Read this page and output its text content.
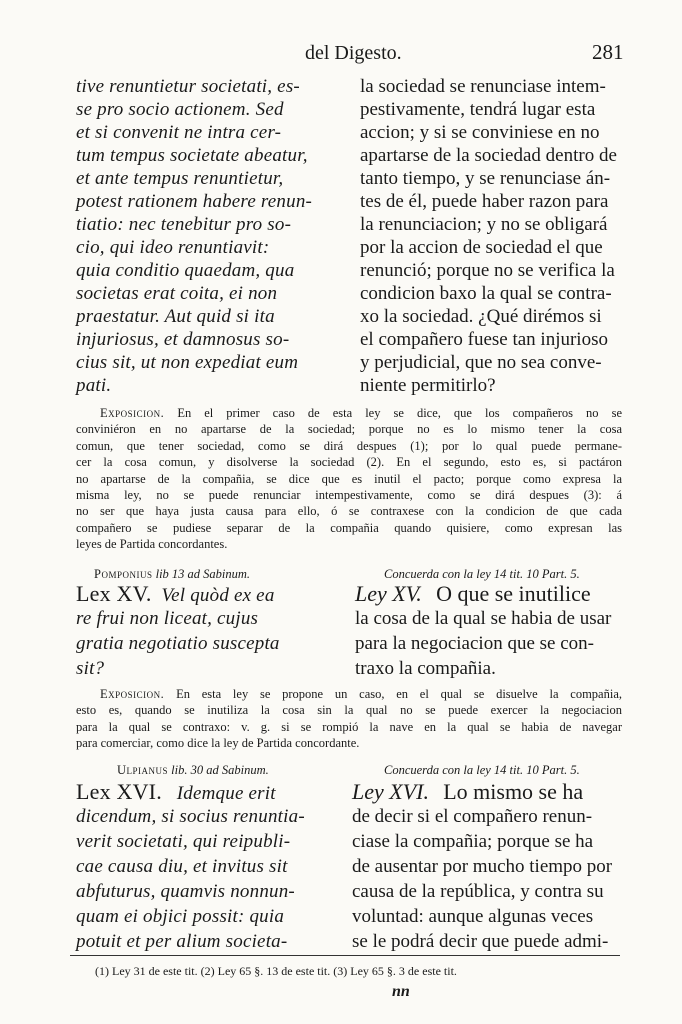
del Digesto.	281
tive renuntietur societati, es-
se pro socio actionem. Sed
et si convenit ne intra cer-
tum tempus societate abeatur,
et ante tempus renuntietur,
potest rationem habere renun-
tiatio: nec tenebitur pro so-
cio, qui ideo renuntiavit:
quia conditio quaedam, qua
societas erat coita, ei non
praestatur. Aut quid si ita
injuriosus, et damnosus so-
cius sit, ut non expediat eum
pati.
la sociedad se renunciase intem-
pestivamente, tendrá lugar esta
accion; y si se conviniese en no
apartarse de la sociedad dentro de
tanto tiempo, y se renunciase án-
tes de él, puede haber razon para
la renunciacion; y no se obligará
por la accion de sociedad el que
renunció; porque no se verifica la
condicion baxo la qual se contra-
xo la sociedad. ¿Qué dirémos si
el compañero fuese tan injurioso
y perjudicial, que no sea conve-
niente permitirlo?
Exposicion. En el primer caso de esta ley se dice, que los compañeros no se
conviniéron en no apartarse de la sociedad; porque no es lo mismo tener la cosa
comun, que tener sociedad, como se dirá despues (1); por lo qual puede permane-
cer la cosa comun, y disolverse la sociedad (2). En el segundo, esto es, si pactáron
no apartarse de la compañia, se dice que es inutil el pacto; porque como expresa la
misma ley, no se puede renunciar intempestivamente, como se dirá despues (3): á
no ser que haya justa causa para ello, ó se contraxese con la condicion de que cada
compañero se pudiese separar de la compañia quando quisiere, como expresan las
leyes de Partida concordantes.
Pomponius lib 13 ad Sabinum.	Concuerda con la ley 14 tit. 10 Part. 5.
Lex XV. Vel quòd ex ea
re frui non liceat, cujus
gratia negotiatio suscepta
sit?
Ley XV. O que se inutilice
la cosa de la qual se habia de usar
para la negociacion que se con-
traxo la compañia.
Exposicion. En esta ley se propone un caso, en el qual se disuelve la compañia,
esto es, quando se inutiliza la cosa sin la qual no se puede exercer la negociacion
para la qual se contraxo: v. g. si se rompió la nave en la qual se habia de navegar
para comerciar, como dice la ley de Partida concordante.
Ulpianus lib. 30 ad Sabinum.	Concuerda con la ley 14 tit. 10 Part. 5.
Lex XVI. Idemque erit
dicendum, si socius renuntia-
verit societati, qui reipubli-
cae causa diu, et invitus sit
abfuturus, quamvis nonnun-
quam ei objici possit: quia
potuit et per alium societa-
Ley XVI. Lo mismo se ha
de decir si el compañero renun-
ciase la compañia; porque se ha
de ausentar por mucho tiempo por
causa de la república, y contra su
voluntad: aunque algunas veces
se le podrá decir que puede admi-
(1) Ley 31 de este tit. (2) Ley 65 §. 13 de este tit. (3) Ley 65 §. 3 de este tit.
nn
